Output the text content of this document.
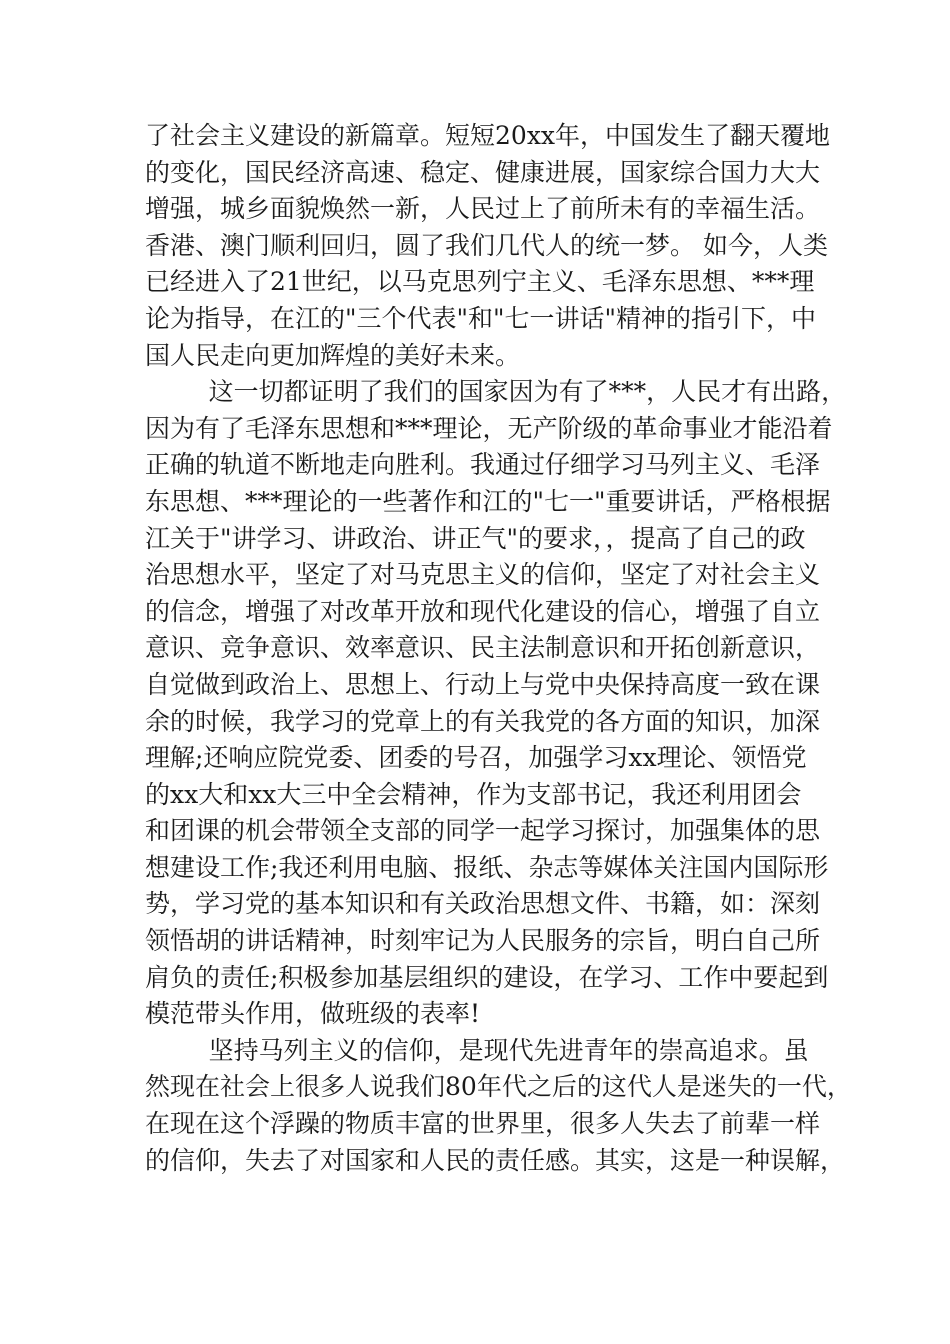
了社会主义建设的新篇章。短短20xx年，中国发生了翻天覆地
的变化，国民经济高速、稳定、健康进展，国家综合国力大大
增强，城乡面貌焕然一新，人民过上了前所未有的幸福生活。
香港、澳门顺利回归，圆了我们几代人的统一梦。 如今，人类
已经进入了21世纪，以马克思列宁主义、毛泽东思想、***理
论为指导，在江的"三个代表"和"七一讲话"精神的指引下，中
国人民走向更加辉煌的美好未来。
这一切都证明了我们的国家因为有了***，人民才有出路，
因为有了毛泽东思想和***理论，无产阶级的革命事业才能沿着
正确的轨道不断地走向胜利。我通过仔细学习马列主义、毛泽
东思想、***理论的一些著作和江的"七一"重要讲话，严格根据
江关于"讲学习、讲政治、讲正气"的要求，，提高了自己的政
治思想水平，坚定了对马克思主义的信仰，坚定了对社会主义
的信念，增强了对改革开放和现代化建设的信心，增强了自立
意识、竞争意识、效率意识、民主法制意识和开拓创新意识，
自觉做到政治上、思想上、行动上与党中央保持高度一致在课
余的时候，我学习的党章上的有关我党的各方面的知识，加深
理解;还响应院党委、团委的号召，加强学习xx理论、领悟党
的xx大和xx大三中全会精神，作为支部书记，我还利用团会
和团课的机会带领全支部的同学一起学习探讨，加强集体的思
想建设工作;我还利用电脑、报纸、杂志等媒体关注国内国际形
势，学习党的基本知识和有关政治思想文件、书籍，如：深刻
领悟胡的讲话精神，时刻牢记为人民服务的宗旨，明白自己所
肩负的责任;积极参加基层组织的建设，在学习、工作中要起到
模范带头作用，做班级的表率!
坚持马列主义的信仰，是现代先进青年的崇高追求。虽
然现在社会上很多人说我们80年代之后的这代人是迷失的一代，
在现在这个浮躁的物质丰富的世界里，很多人失去了前辈一样
的信仰，失去了对国家和人民的责任感。其实，这是一种误解，
